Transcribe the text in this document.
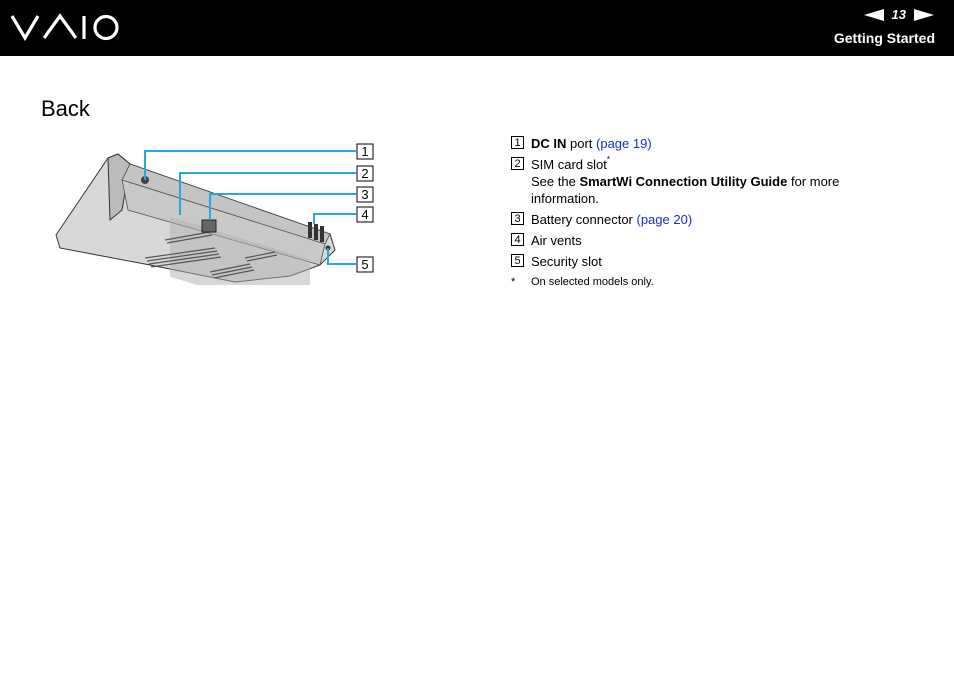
13
Getting Started
Back
1
2
3
4
5
1 DC IN port (page 19)
2 SIM card slot*
See the SmartWi Connection Utility Guide for more information.
3 Battery connector (page 20)
4 Air vents
5 Security slot
*	On selected models only.
